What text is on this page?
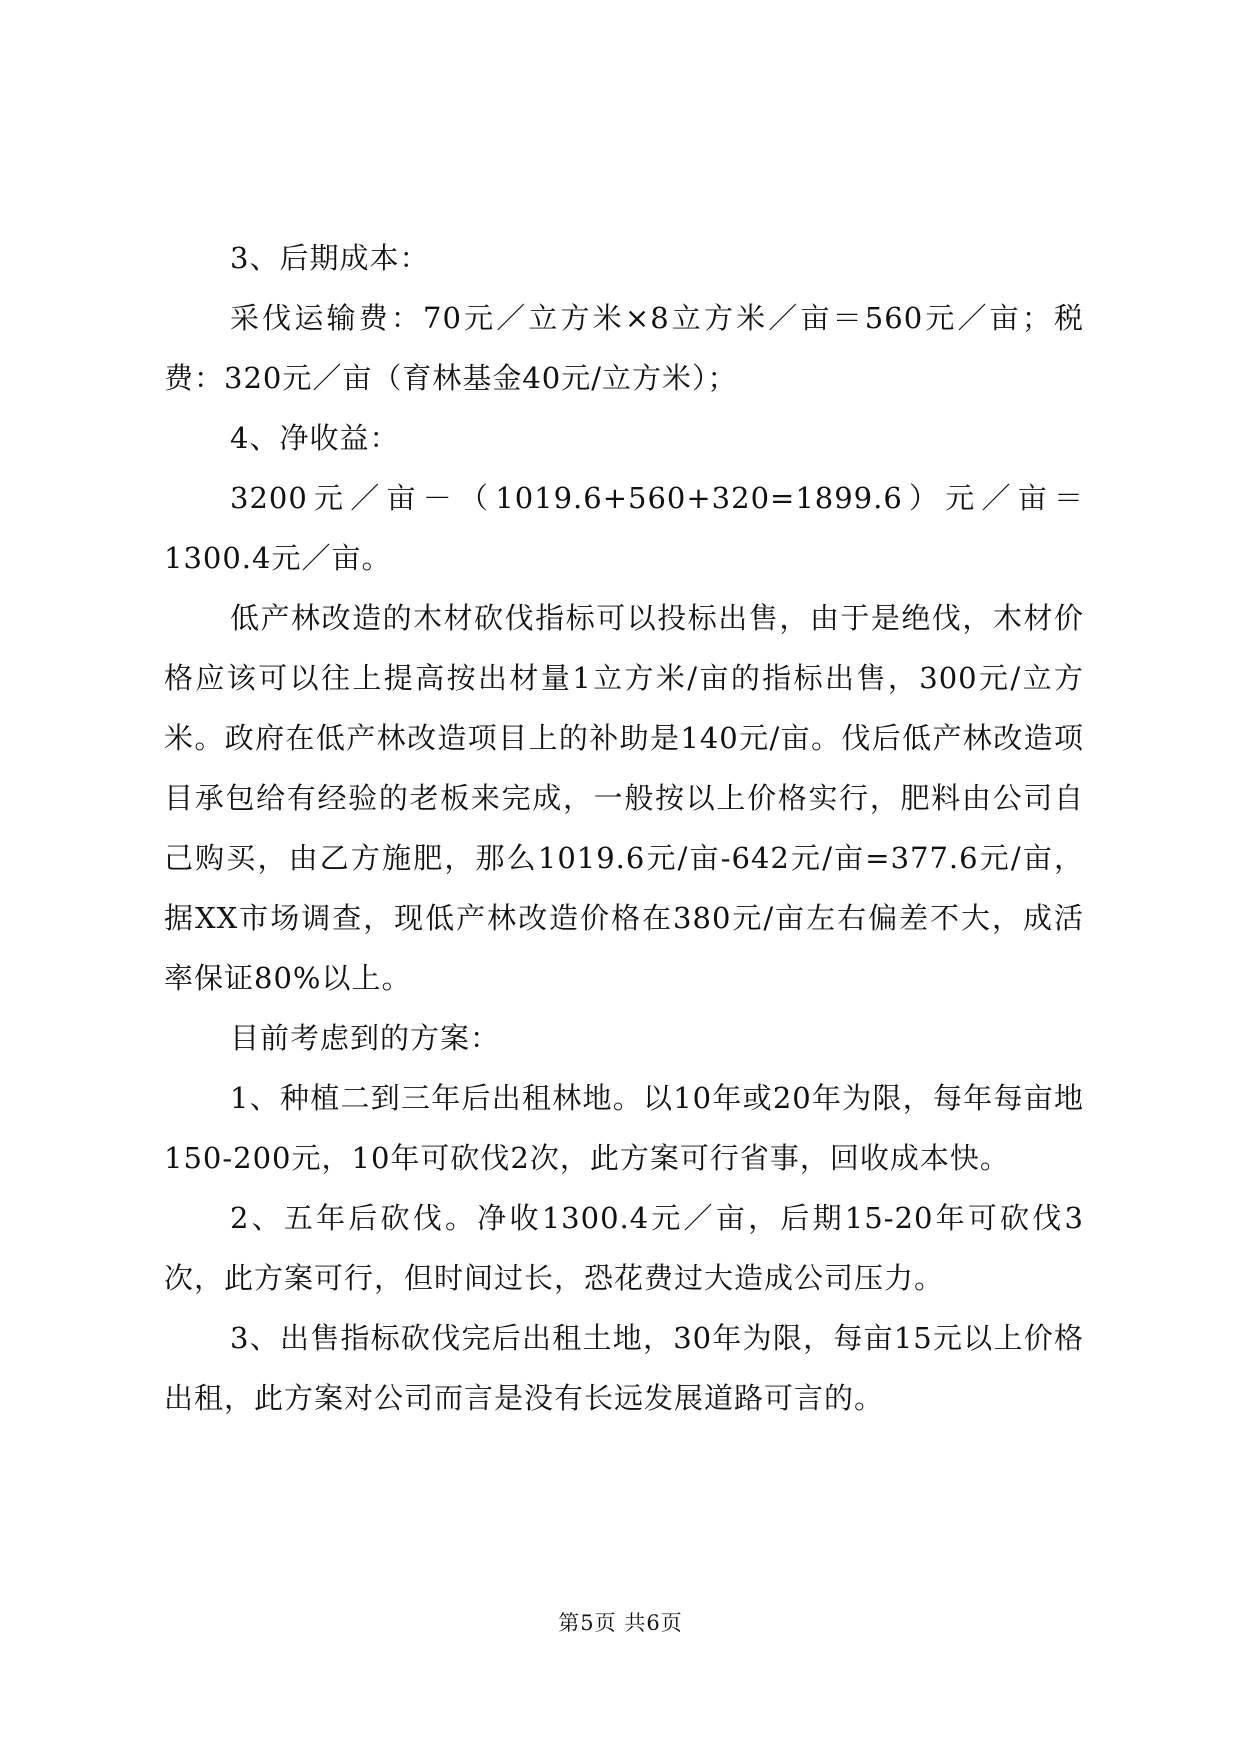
3、后期成本：

采伐运输费：70元／立方米×8立方米／亩＝560元／亩；税费：320元／亩（育林基金40元/立方米）；

4、净收益：

3200元／亩－（1019.6+560+320=1899.6）元／亩＝1300.4元／亩。

低产林改造的木材砍伐指标可以投标出售，由于是绝伐，木材价格应该可以往上提高按出材量1立方米/亩的指标出售，300元/立方米。政府在低产林改造项目上的补助是140元/亩。伐后低产林改造项目承包给有经验的老板来完成，一般按以上价格实行，肥料由公司自己购买，由乙方施肥，那么1019.6元/亩-642元/亩=377.6元/亩，据XX市场调查，现低产林改造价格在380元/亩左右偏差不大，成活率保证80%以上。

目前考虑到的方案：

1、种植二到三年后出租林地。以10年或20年为限，每年每亩地150-200元，10年可砍伐2次，此方案可行省事，回收成本快。

2、五年后砍伐。净收1300.4元／亩，后期15-20年可砍伐3次，此方案可行，但时间过长，恐花费过大造成公司压力。

3、出售指标砍伐完后出租土地，30年为限，每亩15元以上价格出租，此方案对公司而言是没有长远发展道路可言的。

第5页 共6页
